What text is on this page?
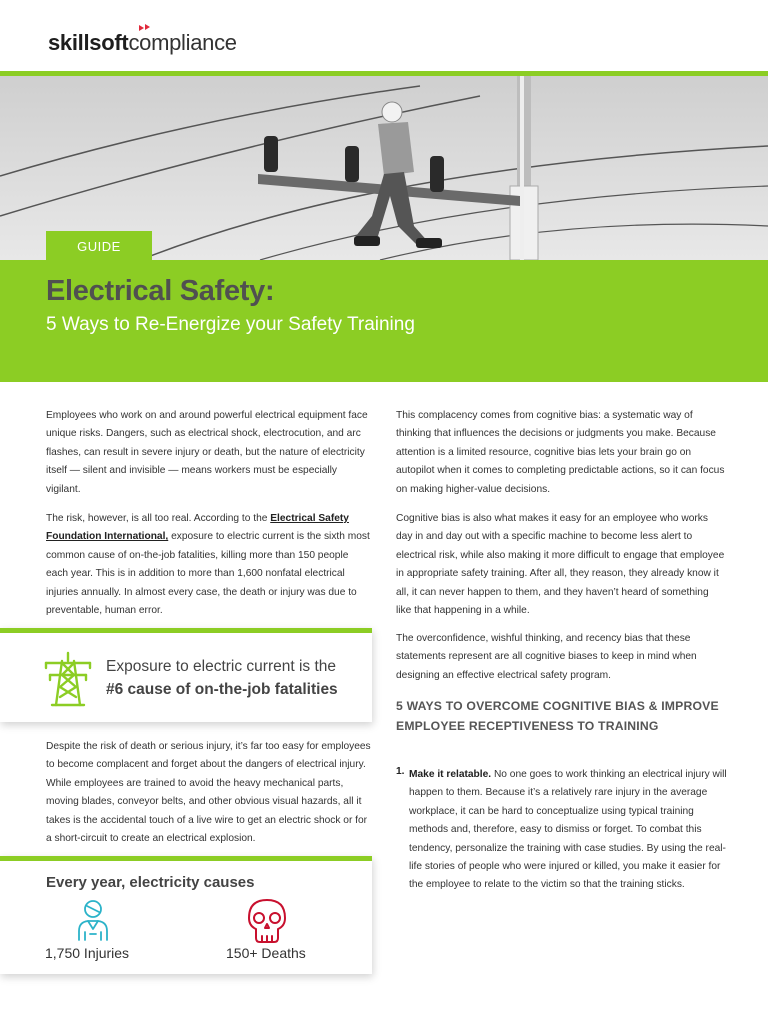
skillsoftcompliance
GUIDE
Electrical Safety:
5 Ways to Re-Energize your Safety Training

Employees who work on and around powerful electrical equipment face unique risks. Dangers, such as electrical shock, electrocution, and arc flashes, can result in severe injury or death, but the nature of electricity itself — silent and invisible — means workers must be especially vigilant.

The risk, however, is all too real. According to the Electrical Safety Foundation International, exposure to electric current is the sixth most common cause of on-the-job fatalities, killing more than 150 people each year. This is in addition to more than 1,600 nonfatal electrical injuries annually. In almost every case, the death or injury was due to preventable, human error.

Exposure to electric current is the
#6 cause of on-the-job fatalities

Despite the risk of death or serious injury, it’s far too easy for employees to become complacent and forget about the dangers of electrical injury. While employees are trained to avoid the heavy mechanical parts, moving blades, conveyor belts, and other obvious visual hazards, all it takes is the accidental touch of a live wire to get an electric shock or for a short-circuit to create an electrical explosion.

Every year, electricity causes
1,750 Injuries	150+ Deaths

This complacency comes from cognitive bias: a systematic way of thinking that influences the decisions or judgments you make. Because attention is a limited resource, cognitive bias lets your brain go on autopilot when it comes to completing predictable actions, so it can focus on making higher-value decisions.

Cognitive bias is also what makes it easy for an employee who works day in and day out with a specific machine to become less alert to electrical risk, while also making it more difficult to engage that employee in appropriate safety training. After all, they reason, they already know it all, it can never happen to them, and they haven’t heard of something like that happening in a while.

The overconfidence, wishful thinking, and recency bias that these statements represent are all cognitive biases to keep in mind when designing an effective electrical safety program.

5 WAYS TO OVERCOME COGNITIVE BIAS & IMPROVE EMPLOYEE RECEPTIVENESS TO TRAINING
1. Make it relatable. No one goes to work thinking an electrical injury will happen to them. Because it’s a relatively rare injury in the average workplace, it can be hard to conceptualize using typical training methods and, therefore, easy to dismiss or forget. To combat this tendency, personalize the training with case studies. By using the real-life stories of people who were injured or killed, you make it easier for the employee to relate to the victim so that the training sticks.
